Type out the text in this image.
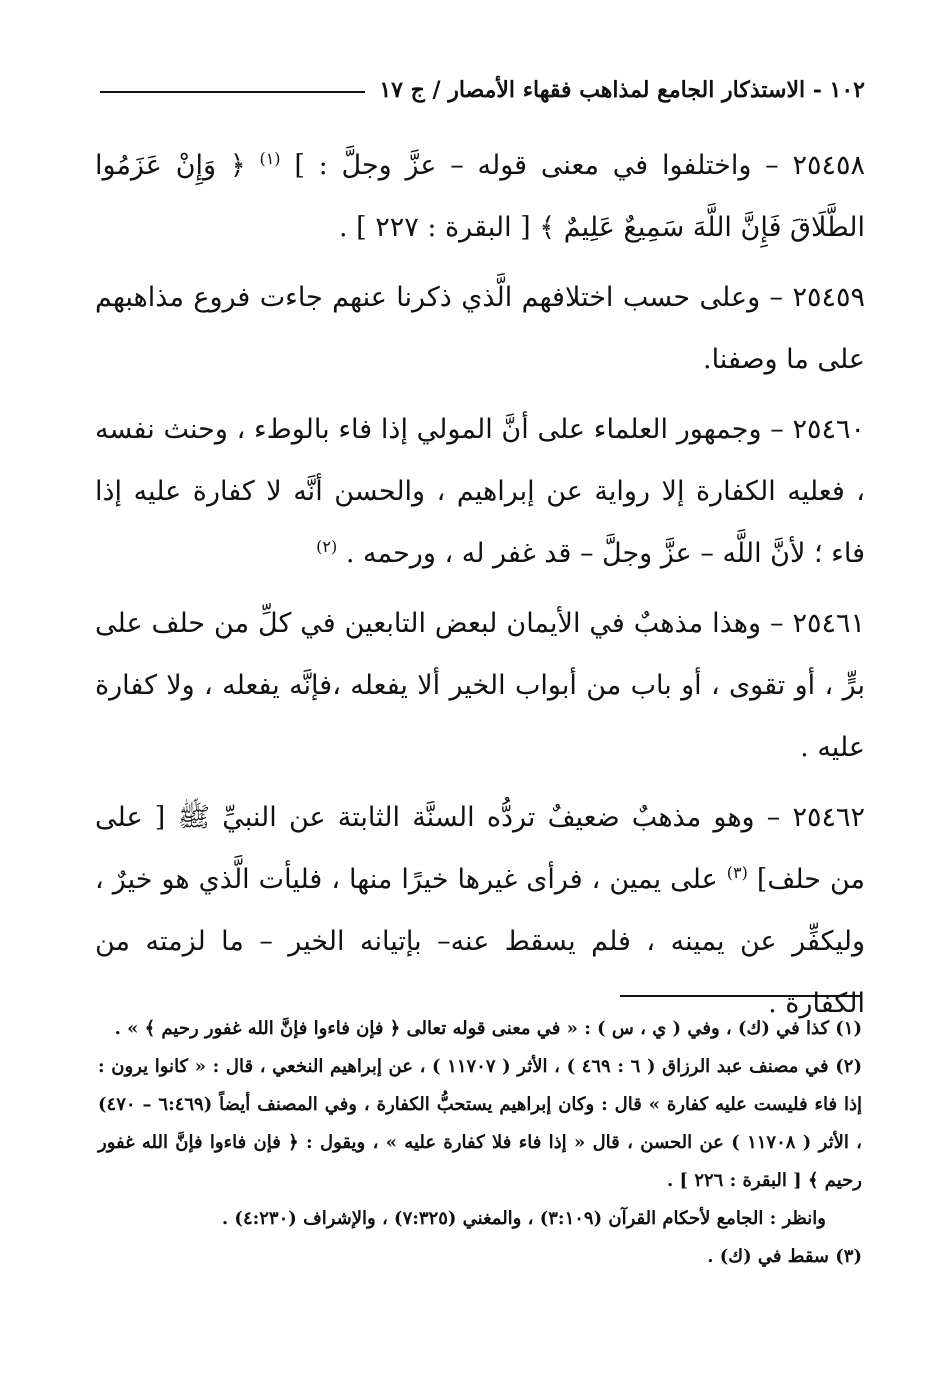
١٠٢ - الاستذكار الجامع لمذاهب فقهاء الأمصار / ج ١٧

٢٥٤٥٨ – واختلفوا في معنى قوله – عزَّ وجلَّ : ] $^{(١)}$ ﴿ وَإِنْ عَزَمُوا الطَّلَاقَ فَإِنَّ اللَّهَ سَمِيعٌ عَلِيمٌ ﴾ [ البقرة : ٢٢٧ ] .

٢٥٤٥٩ – وعلى حسب اختلافهم الَّذي ذكرنا عنهم جاءت فروع مذاهبهم على ما وصفنا.

٢٥٤٦٠ – وجمهور العلماء على أنَّ المولي إذا فاء بالوطء ، وحنث نفسه ، فعليه الكفارة إلا رواية عن إبراهيم ، والحسن أنَّه لا كفارة عليه إذا فاء ؛ لأنَّ اللَّه – عزَّ وجلَّ – قد غفر له ، ورحمه . $^{(٢)}$

٢٥٤٦١ – وهذا مذهبٌ في الأيمان لبعض التابعين في كلِّ من حلف على برٍّ ، أو تقوى ، أو باب من أبواب الخير ألا يفعله ،فإنَّه يفعله ، ولا كفارة عليه .

٢٥٤٦٢ – وهو مذهبٌ ضعيفٌ تردُّه السنَّة الثابتة عن النبيِّ ﷺ [ على من حلف] $^{(٣)}$ على يمين ، فرأى غيرها خيرًا منها ، فليأت الَّذي هو خيرٌ ، وليكفِّر عن يمينه ، فلم يسقط عنه– بإتيانه الخير – ما لزمته من الكفارة .

(١) كذا في (ك) ، وفي ( ي ، س ) : « في معنى قوله تعالى ﴿ فإن فاءوا فإنَّ الله غفور رحيم ﴾ » .

(٢) في مصنف عبد الرزاق ( ٦ : ٤٦٩ ) ، الأثر ( ١١٧٠٧ ) ، عن إبراهيم النخعي ، قال : « كانوا يرون : إذا فاء فليست عليه كفارة » قال : وكان إبراهيم يستحبُّ الكفارة ، وفي المصنف أيضاً (٦:٤٦٩ – ٤٧٠) ، الأثر ( ١١٧٠٨ ) عن الحسن ، قال « إذا فاء فلا كفارة عليه » ، ويقول : ﴿ فإن فاءوا فإنَّ الله غفور رحيم ﴾ [ البقرة : ٢٢٦ ] .

وانظر : الجامع لأحكام القرآن (٣:١٠٩) ، والمغني (٧:٣٢٥) ، والإشراف (٤:٢٣٠) .

(٣) سقط في (ك) .
